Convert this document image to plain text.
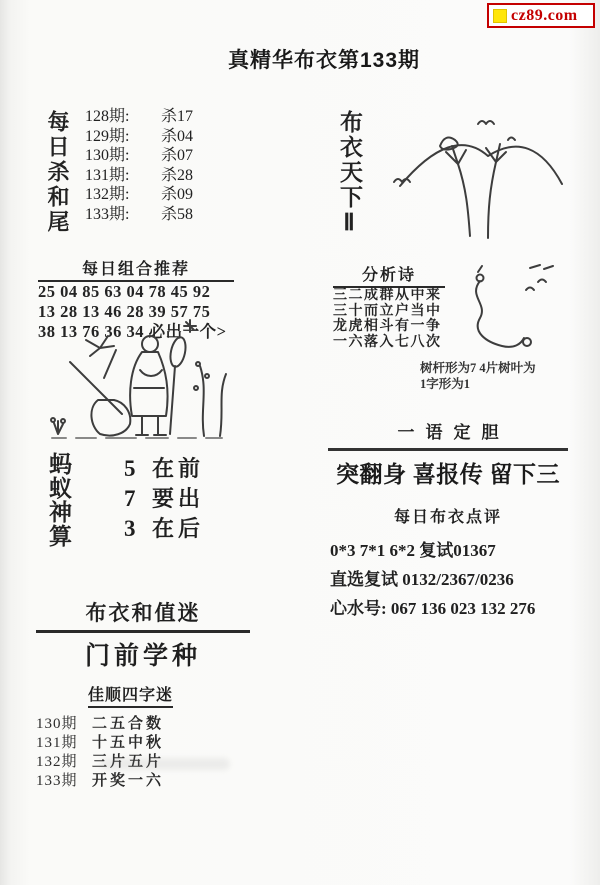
cz89.com
真精华布衣第133期
每日杀和尾 128期:	杀17
129期:	杀04
130期:	杀07
131期:	杀28
132期:	杀09
133期:	杀58	布衣天下Ⅱ
每日组合推荐
25 04 85 63 04 78 45 92
13 28 13 46 28 39 57 75
38 13 76 36 34 必出一个>
分析诗
三二成群从中来
三十而立户当中
龙虎相斗有一争
一六落入七八次
树杆形为7 4片树叶为
1字形为1
一语定胆
突翻身 喜报传 留下三
每日布衣点评
0*3 7*1 6*2 复试01367
直选复试 0132/2367/0236
心水号: 067 136 023 132 276
蚂蚁神算 5 在前
7 要出
3 在后
布衣和值迷
门前学种
佳顺四字迷
130期 二五合数
131期 十五中秋
132期 三片五片
133期 开奖一六
